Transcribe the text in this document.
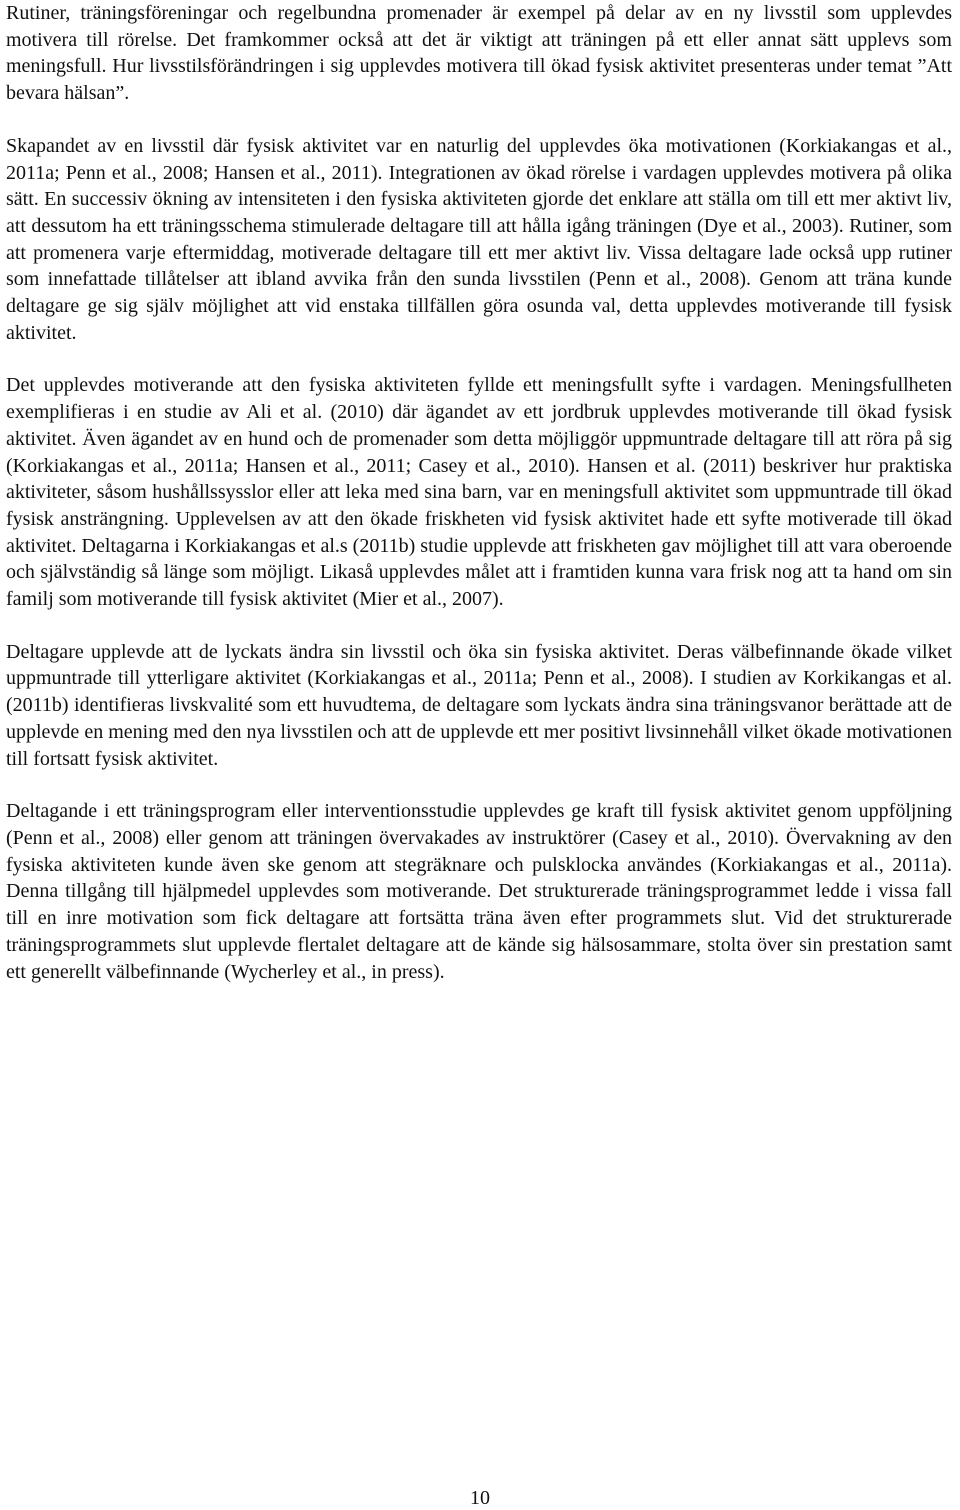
Rutiner, träningsföreningar och regelbundna promenader är exempel på delar av en ny livsstil som upplevdes motivera till rörelse. Det framkommer också att det är viktigt att träningen på ett eller annat sätt upplevs som meningsfull. Hur livsstilsförändringen i sig upplevdes motivera till ökad fysisk aktivitet presenteras under temat ”Att bevara hälsan”.

Skapandet av en livsstil där fysisk aktivitet var en naturlig del upplevdes öka motivationen (Korkiakangas et al., 2011a; Penn et al., 2008; Hansen et al., 2011). Integrationen av ökad rörelse i vardagen upplevdes motivera på olika sätt. En successiv ökning av intensiteten i den fysiska aktiviteten gjorde det enklare att ställa om till ett mer aktivt liv, att dessutom ha ett träningsschema stimulerade deltagare till att hålla igång träningen (Dye et al., 2003). Rutiner, som att promenera varje eftermiddag, motiverade deltagare till ett mer aktivt liv. Vissa deltagare lade också upp rutiner som innefattade tillåtelser att ibland avvika från den sunda livsstilen (Penn et al., 2008). Genom att träna kunde deltagare ge sig själv möjlighet att vid enstaka tillfällen göra osunda val, detta upplevdes motiverande till fysisk aktivitet.

Det upplevdes motiverande att den fysiska aktiviteten fyllde ett meningsfullt syfte i vardagen. Meningsfullheten exemplifieras i en studie av Ali et al. (2010) där ägandet av ett jordbruk upplevdes motiverande till ökad fysisk aktivitet. Även ägandet av en hund och de promenader som detta möjliggör uppmuntrade deltagare till att röra på sig (Korkiakangas et al., 2011a; Hansen et al., 2011; Casey et al., 2010). Hansen et al. (2011) beskriver hur praktiska aktiviteter, såsom hushållssysslor eller att leka med sina barn, var en meningsfull aktivitet som uppmuntrade till ökad fysisk ansträngning. Upplevelsen av att den ökade friskheten vid fysisk aktivitet hade ett syfte motiverade till ökad aktivitet. Deltagarna i Korkiakangas et al.s (2011b) studie upplevde att friskheten gav möjlighet till att vara oberoende och självständig så länge som möjligt. Likaså upplevdes målet att i framtiden kunna vara frisk nog att ta hand om sin familj som motiverande till fysisk aktivitet (Mier et al., 2007).

Deltagare upplevde att de lyckats ändra sin livsstil och öka sin fysiska aktivitet. Deras välbefinnande ökade vilket uppmuntrade till ytterligare aktivitet (Korkiakangas et al., 2011a; Penn et al., 2008). I studien av Korkikangas et al.(2011b) identifieras livskvalité som ett huvudtema, de deltagare som lyckats ändra sina träningsvanor berättade att de upplevde en mening med den nya livsstilen och att de upplevde ett mer positivt livsinnehåll vilket ökade motivationen till fortsatt fysisk aktivitet.

Deltagande i ett träningsprogram eller interventionsstudie upplevdes ge kraft till fysisk aktivitet genom uppföljning (Penn et al., 2008) eller genom att träningen övervakades av instruktörer (Casey et al., 2010). Övervakning av den fysiska aktiviteten kunde även ske genom att stegräknare och pulsklocka användes (Korkiakangas et al., 2011a). Denna tillgång till hjälpmedel upplevdes som motiverande. Det strukturerade träningsprogrammet ledde i vissa fall till en inre motivation som fick deltagare att fortsätta träna även efter programmets slut. Vid det strukturerade träningsprogrammets slut upplevde flertalet deltagare att de kände sig hälsosammare, stolta över sin prestation samt ett generellt välbefinnande (Wycherley et al., in press).

10
